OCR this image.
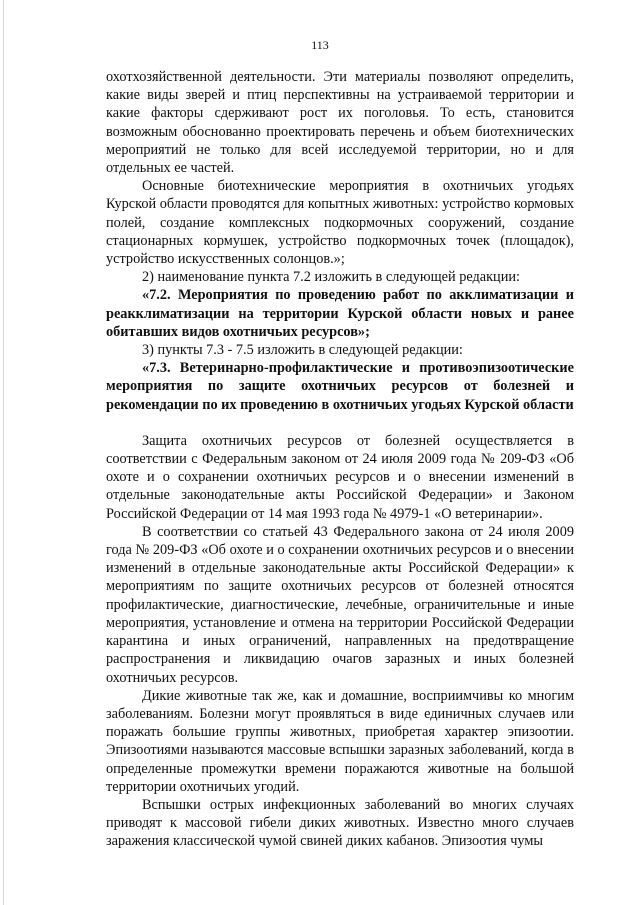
113

охотхозяйственной деятельности. Эти материалы позволяют определить, какие виды зверей и птиц перспективны на устраиваемой территории и какие факторы сдерживают рост их поголовья. То есть, становится возможным обоснованно проектировать перечень и объем биотехнических мероприятий не только для всей исследуемой территории, но и для отдельных ее частей.

Основные биотехнические мероприятия в охотничьих угодьях Курской области проводятся для копытных животных: устройство кормовых полей, создание комплексных подкормочных сооружений, создание стационарных кормушек, устройство подкормочных точек (площадок), устройство искусственных солонцов.»;

2) наименование пункта 7.2 изложить в следующей редакции:

«7.2. Мероприятия по проведению работ по акклиматизации и реакклиматизации на территории Курской области новых и ранее обитавших видов охотничьих ресурсов»;

3) пункты 7.3 - 7.5 изложить в следующей редакции:

«7.3. Ветеринарно-профилактические и противоэпизоотические мероприятия по защите охотничьих ресурсов от болезней и рекомендации по их проведению в охотничьих угодьях Курской области

Защита охотничьих ресурсов от болезней осуществляется в соответствии с Федеральным законом от 24 июля 2009 года № 209-ФЗ «Об охоте и о сохранении охотничьих ресурсов и о внесении изменений в отдельные законодательные акты Российской Федерации» и Законом Российской Федерации от 14 мая 1993 года № 4979-1 «О ветеринарии».

В соответствии со статьей 43 Федерального закона от 24 июля 2009 года № 209-ФЗ «Об охоте и о сохранении охотничьих ресурсов и о внесении изменений в отдельные законодательные акты Российской Федерации» к мероприятиям по защите охотничьих ресурсов от болезней относятся профилактические, диагностические, лечебные, ограничительные и иные мероприятия, установление и отмена на территории Российской Федерации карантина и иных ограничений, направленных на предотвращение распространения и ликвидацию очагов заразных и иных болезней охотничьих ресурсов.

Дикие животные так же, как и домашние, восприимчивы ко многим заболеваниям. Болезни могут проявляться в виде единичных случаев или поражать большие группы животных, приобретая характер эпизоотии. Эпизоотиями называются массовые вспышки заразных заболеваний, когда в определенные промежутки времени поражаются животные на большой территории охотничьих угодий.

Вспышки острых инфекционных заболеваний во многих случаях приводят к массовой гибели диких животных. Известно много случаев заражения классической чумой свиней диких кабанов. Эпизоотия чумы
